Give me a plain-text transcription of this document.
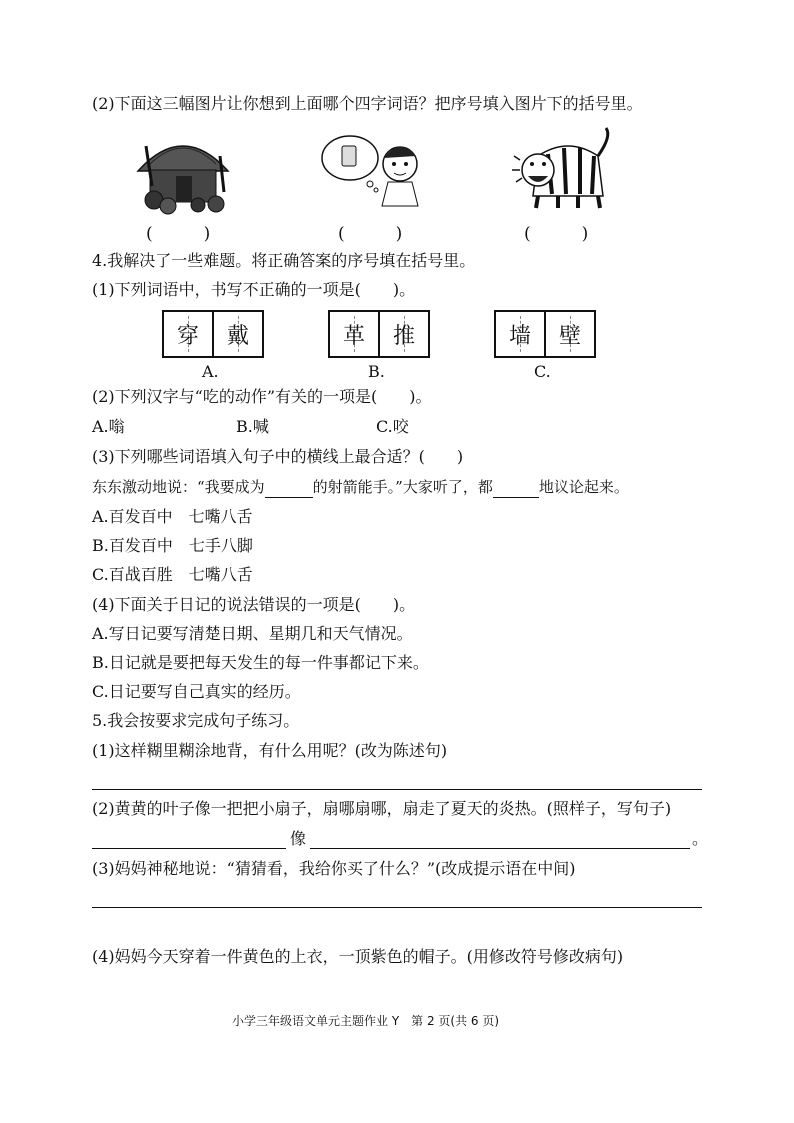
(2)下面这三幅图片让你想到上面哪个四字词语？把序号填入图片下的括号里。
(　　　)	(　　　)	(　　　)
4.我解决了一些难题。将正确答案的序号填在括号里。
(1)下列词语中，书写不正确的一项是(　　)。
穿 戴
A.
革 推
B.
墙 壁
C.
(2)下列汉字与“吃的动作”有关的一项是(　　)。
A.嗡	B.喊	C.咬
(3)下列哪些词语填入句子中的横线上最合适？(　　)
东东激动地说：“我要成为	的射箭能手。”大家听了，都	地议论起来。
A.百发百中　七嘴八舌
B.百发百中　七手八脚
C.百战百胜　七嘴八舌
(4)下面关于日记的说法错误的一项是(　　)。
A.写日记要写清楚日期、星期几和天气情况。
B.日记就是要把每天发生的每一件事都记下来。
C.日记要写自己真实的经历。
5.我会按要求完成句子练习。
(1)这样糊里糊涂地背，有什么用呢？(改为陈述句)
(2)黄黄的叶子像一把把小扇子，扇哪扇哪，扇走了夏天的炎热。(照样子，写句子)
像	。
(3)妈妈神秘地说：“猜猜看，我给你买了什么？”(改成提示语在中间)
(4)妈妈今天穿着一件黄色的上衣，一顶紫色的帽子。(用修改符号修改病句)
小学三年级语文单元主题作业 Y　第 2 页(共 6 页)
